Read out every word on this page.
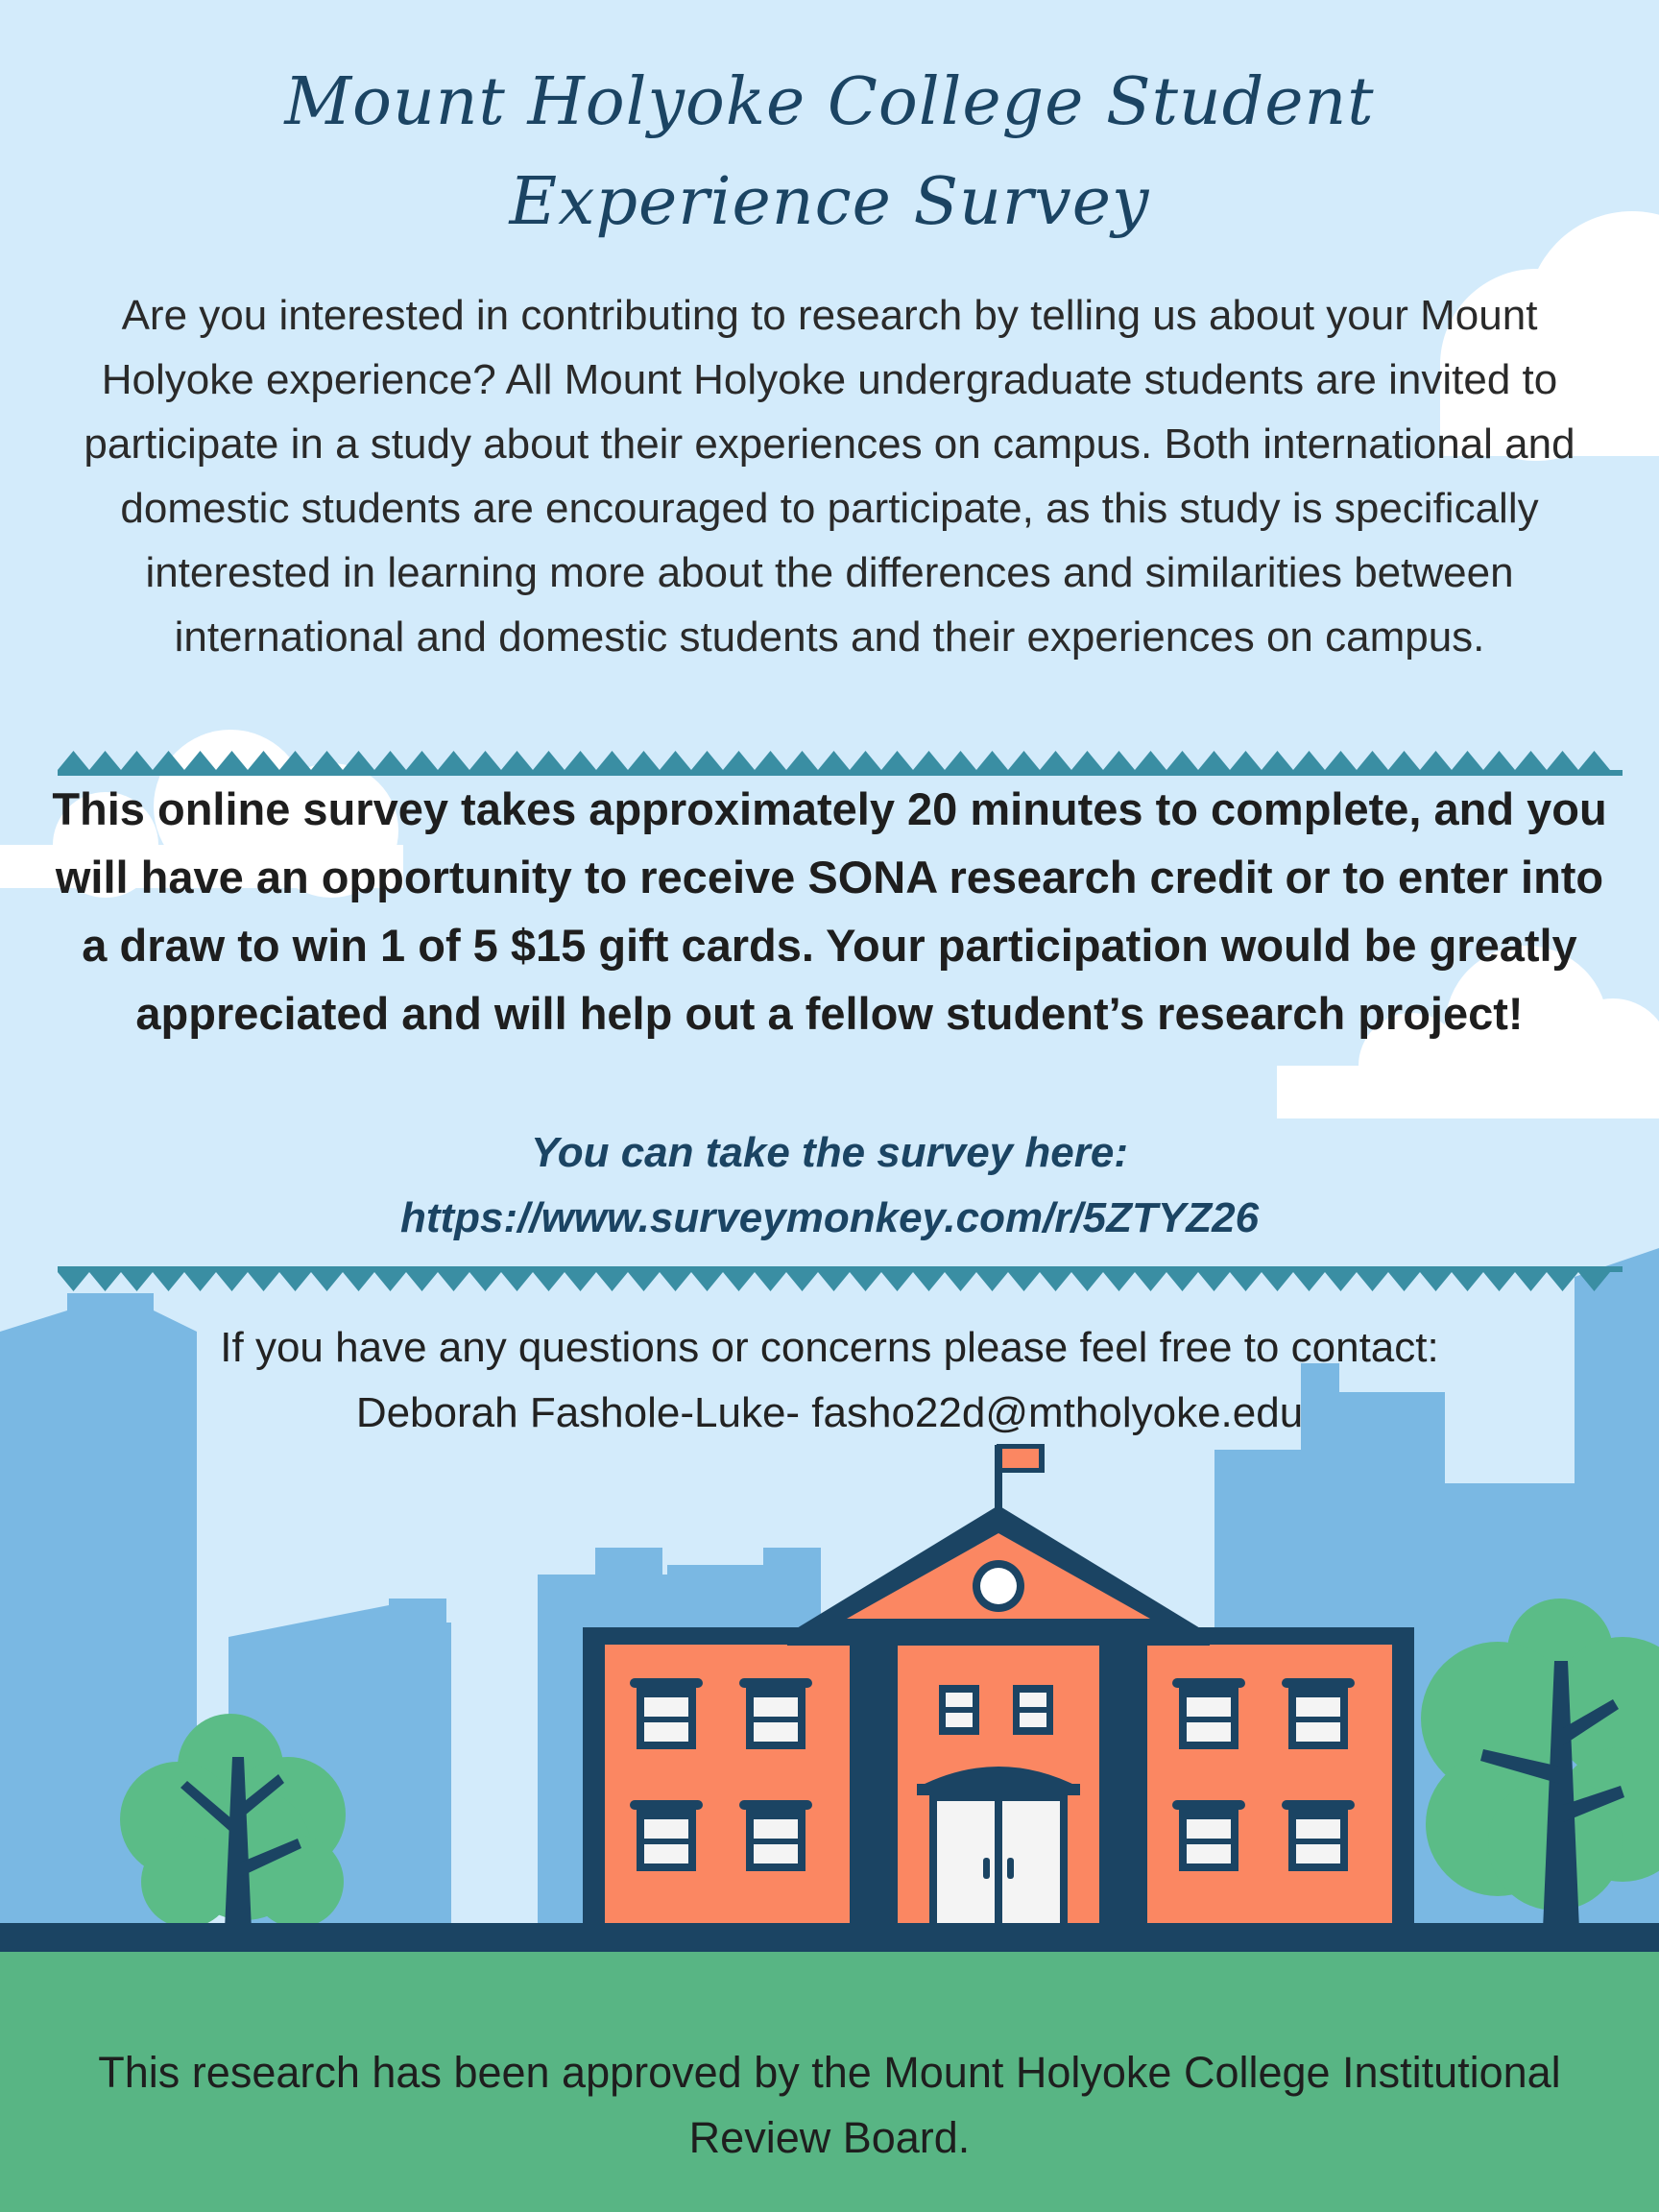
Mount Holyoke College Student Experience Survey

Are you interested in contributing to research by telling us about your Mount Holyoke experience? All Mount Holyoke undergraduate students are invited to participate in a study about their experiences on campus. Both international and domestic students are encouraged to participate, as this study is specifically interested in learning more about the differences and similarities between international and domestic students and their experiences on campus.

This online survey takes approximately 20 minutes to complete, and you will have an opportunity to receive SONA research credit or to enter into a draw to win 1 of 5 $15 gift cards. Your participation would be greatly appreciated and will help out a fellow student’s research project!

You can take the survey here:
https://www.surveymonkey.com/r/5ZTYZ26
If you have any questions or concerns please feel free to contact:
Deborah Fashole-Luke- fasho22d@mtholyoke.edu

This research has been approved by the Mount Holyoke College Institutional Review Board.
